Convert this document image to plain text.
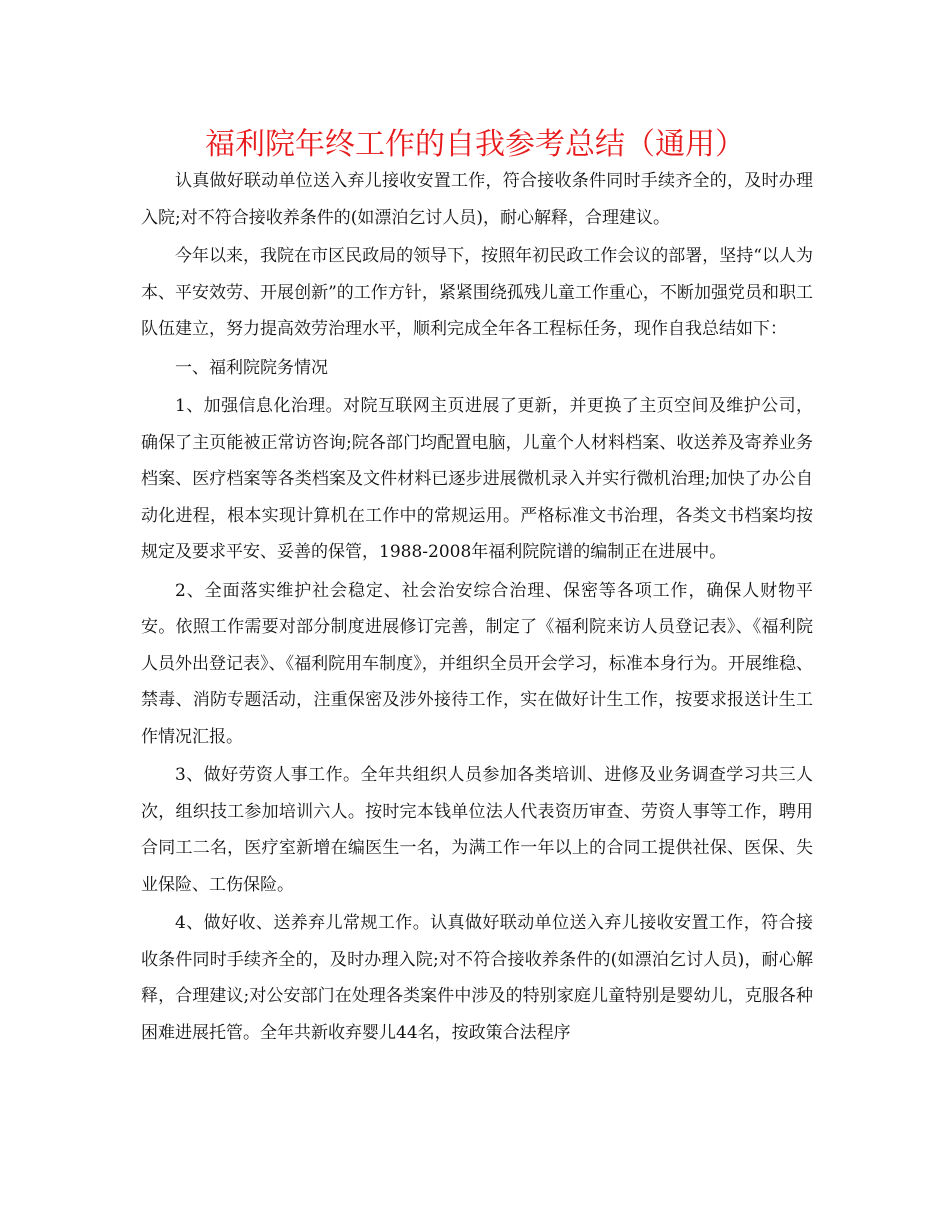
福利院年终工作的自我参考总结（通用）

认真做好联动单位送入弃儿接收安置工作，符合接收条件同时手续齐全的，及时办理入院;对不符合接收养条件的(如漂泊乞讨人员)，耐心解释，合理建议。

今年以来，我院在市区民政局的领导下，按照年初民政工作会议的部署，坚持“以人为本、平安效劳、开展创新”的工作方针，紧紧围绕孤残儿童工作重心，不断加强党员和职工队伍建立，努力提高效劳治理水平，顺利完成全年各工程标任务，现作自我总结如下：

一、福利院院务情况

1、加强信息化治理。对院互联网主页进展了更新，并更换了主页空间及维护公司，确保了主页能被正常访咨询;院各部门均配置电脑，儿童个人材料档案、收送养及寄养业务档案、医疗档案等各类档案及文件材料已逐步进展微机录入并实行微机治理;加快了办公自动化进程，根本实现计算机在工作中的常规运用。严格标准文书治理，各类文书档案均按规定及要求平安、妥善的保管，1988-2008年福利院院谱的编制正在进展中。

2、全面落实维护社会稳定、社会治安综合治理、保密等各项工作，确保人财物平安。依照工作需要对部分制度进展修订完善，制定了《福利院来访人员登记表》、《福利院人员外出登记表》、《福利院用车制度》，并组织全员开会学习，标准本身行为。开展维稳、禁毒、消防专题活动，注重保密及涉外接待工作，实在做好计生工作，按要求报送计生工作情况汇报。

3、做好劳资人事工作。全年共组织人员参加各类培训、进修及业务调查学习共三人次，组织技工参加培训六人。按时完本钱单位法人代表资历审查、劳资人事等工作，聘用合同工二名，医疗室新增在编医生一名，为满工作一年以上的合同工提供社保、医保、失业保险、工伤保险。

4、做好收、送养弃儿常规工作。认真做好联动单位送入弃儿接收安置工作，符合接收条件同时手续齐全的，及时办理入院;对不符合接收养条件的(如漂泊乞讨人员)，耐心解释，合理建议;对公安部门在处理各类案件中涉及的特别家庭儿童特别是婴幼儿，克服各种困难进展托管。全年共新收弃婴儿44名，按政策合法程序
